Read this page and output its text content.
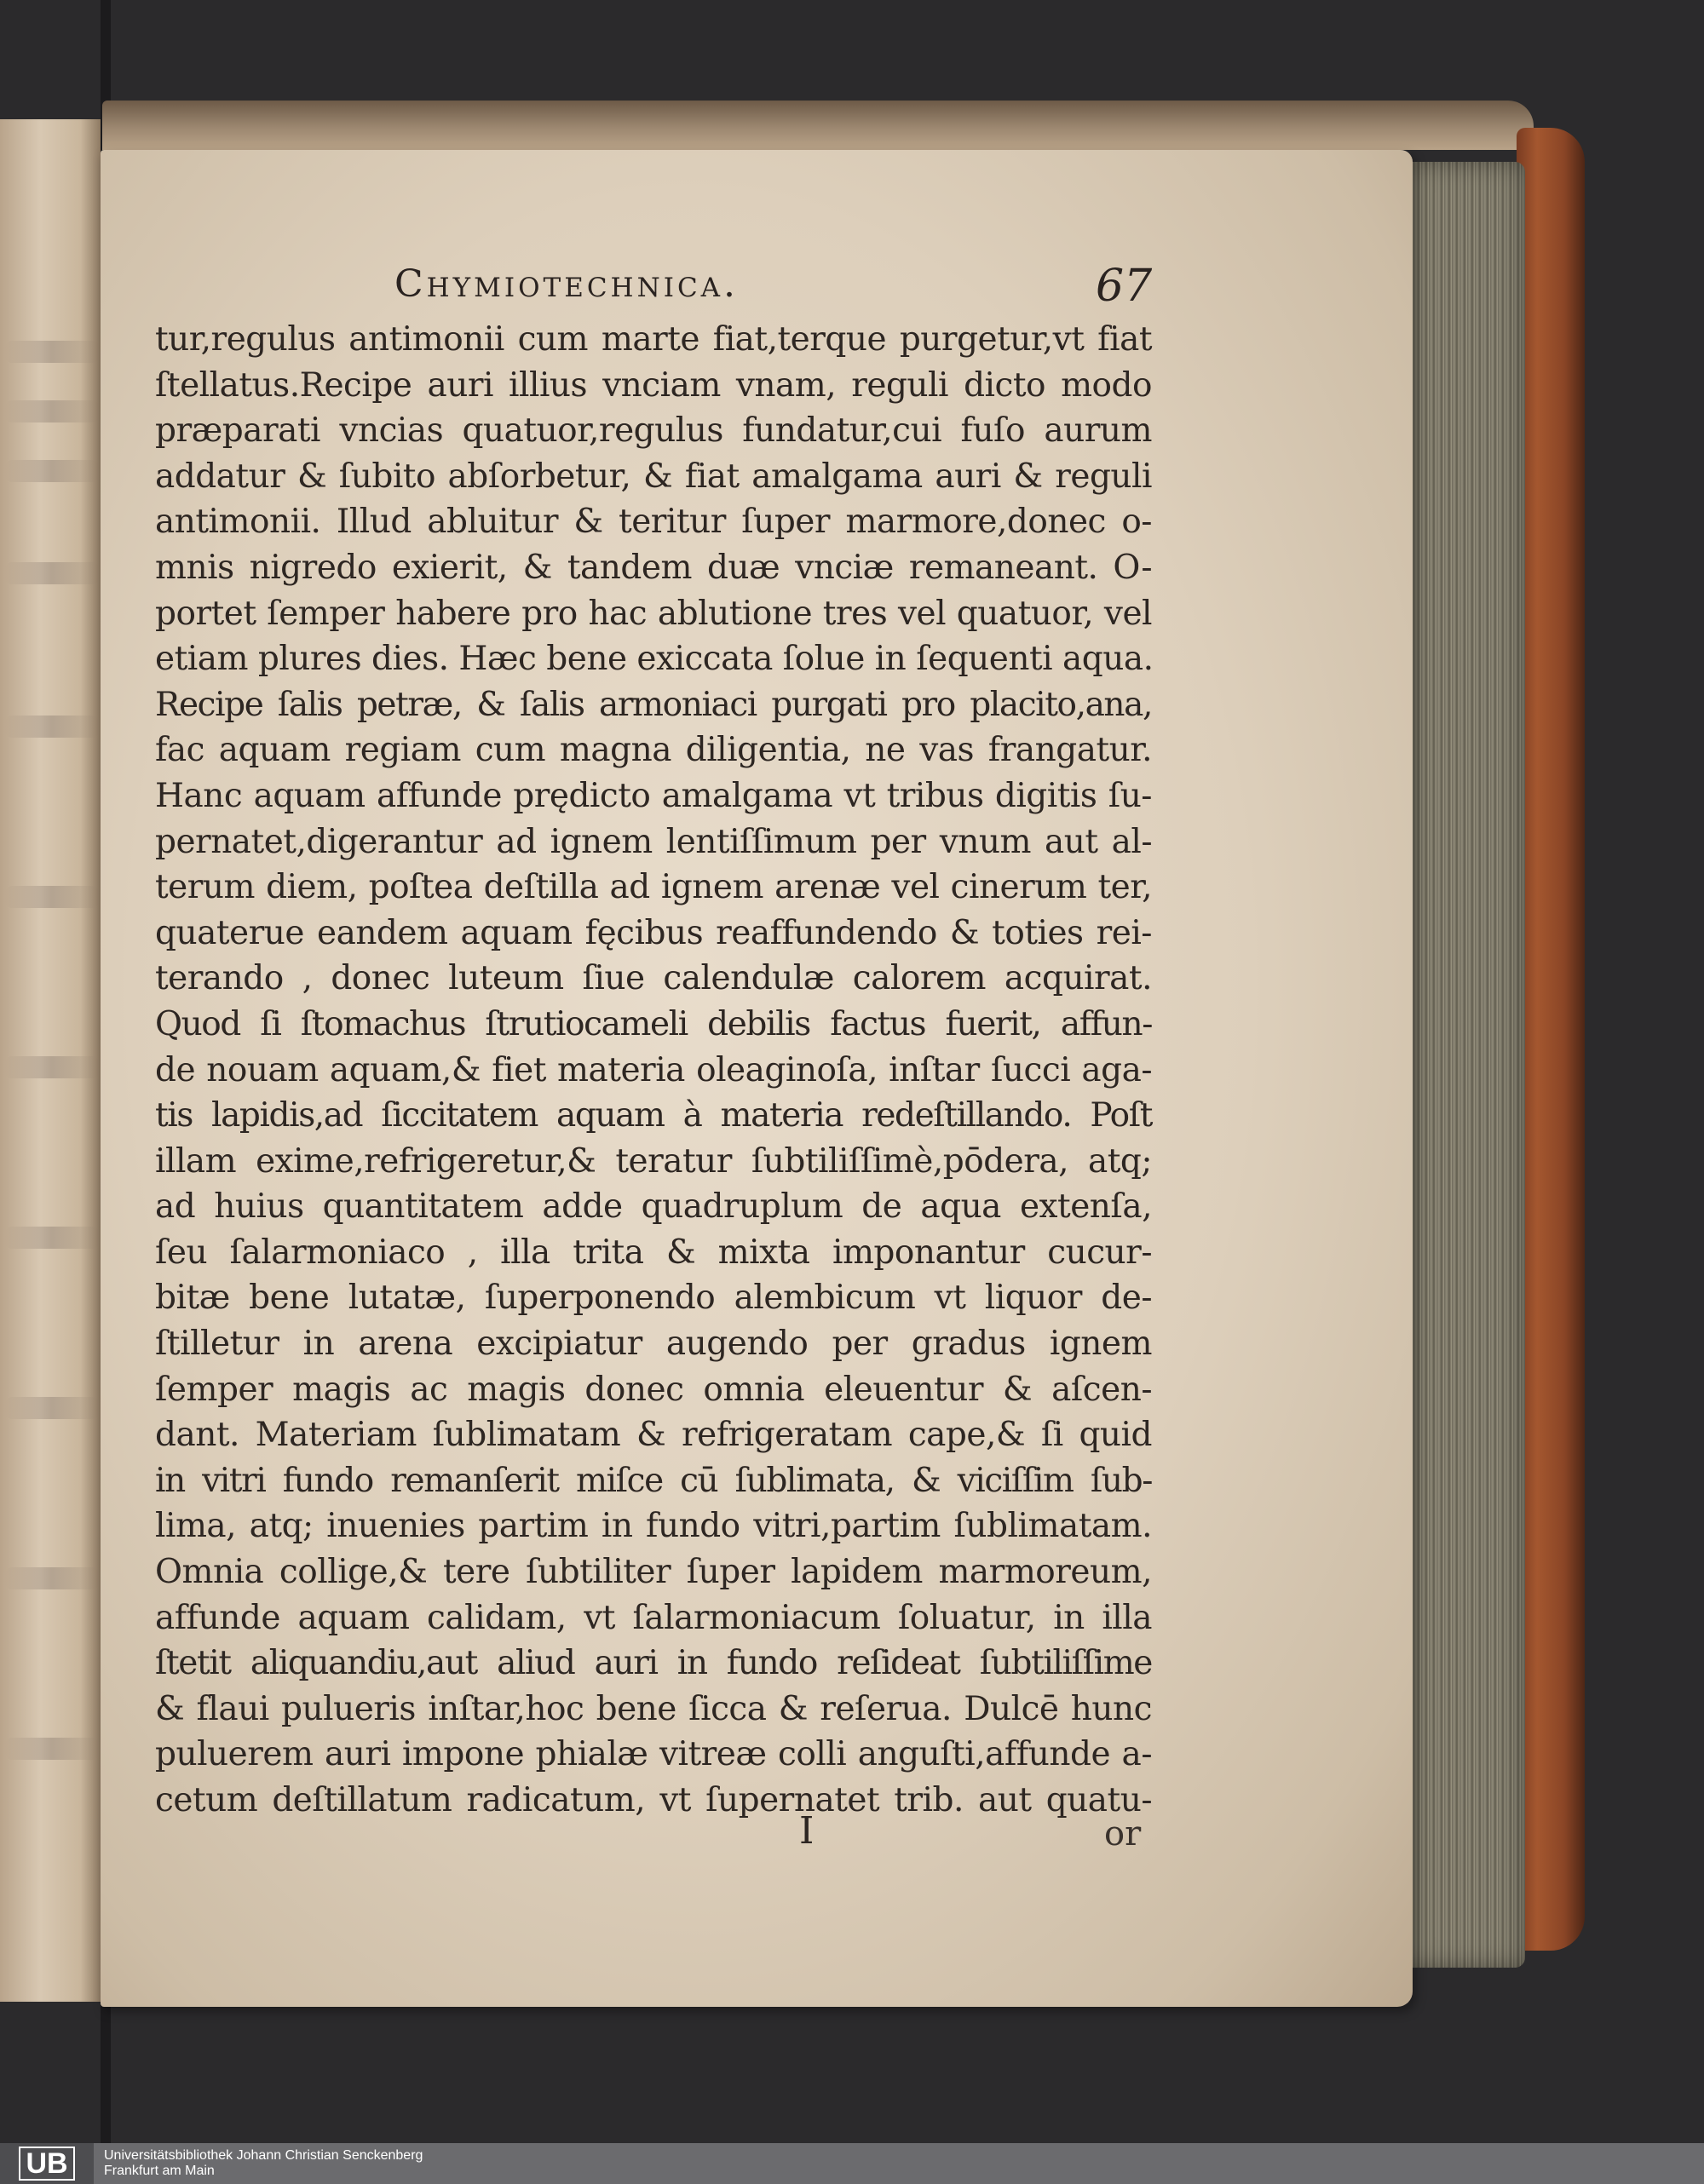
Chymiotechnica.	67
tur,regulus antimonii cum marte fiat,terque purgetur,vt fiat
ſtellatus.Recipe auri illius vnciam vnam, reguli dicto modo
præparati vncias quatuor,regulus fundatur,cui fuſo aurum
addatur & ſubito abſorbetur, & fiat amalgama auri & reguli
antimonii. Illud abluitur & teritur ſuper marmore,donec o-
mnis nigredo exierit, & tandem duæ vnciæ remaneant. O-
portet ſemper habere pro hac ablutione tres vel quatuor, vel
etiam plures dies. Hæc bene exiccata ſolue in ſequenti aqua.
Recipe ſalis petræ, & ſalis armoniaci purgati pro placito,ana,
fac aquam regiam cum magna diligentia, ne vas frangatur.
Hanc aquam affunde prędicto amalgama vt tribus digitis ſu-
pernatet,digerantur ad ignem lentiſſimum per vnum aut al-
terum diem, poſtea deſtilla ad ignem arenæ vel cinerum ter,
quaterue eandem aquam fęcibus reaffundendo & toties rei-
terando , donec luteum ſiue calendulæ calorem acquirat.
Quod ſi ſtomachus ſtrutiocameli debilis factus fuerit, affun-
de nouam aquam,& fiet materia oleaginoſa, inſtar ſucci aga-
tis lapidis,ad ſiccitatem aquam à materia redeſtillando. Poſt
illam exime,refrigeretur,& teratur ſubtiliſſimè,pōdera, atq;
ad huius quantitatem adde quadruplum de aqua extenſa,
ſeu ſalarmoniaco , illa trita & mixta imponantur cucur-
bitæ bene lutatæ, ſuperponendo alembicum vt liquor de-
ſtilletur in arena excipiatur augendo per gradus ignem
ſemper magis ac magis donec omnia eleuentur & aſcen-
dant. Materiam ſublimatam & refrigeratam cape,& ſi quid
in vitri fundo remanſerit miſce cū ſublimata, & viciſſim ſub-
lima, atq; inuenies partim in fundo vitri,partim ſublimatam.
Omnia collige,& tere ſubtiliter ſuper lapidem marmoreum,
affunde aquam calidam, vt ſalarmoniacum ſoluatur, in illa
ſtetit aliquandiu,aut aliud auri in fundo reſideat ſubtiliſſime
& flaui pulueris inſtar,hoc bene ſicca & reſerua. Dulcē hunc
puluerem auri impone phialæ vitreæ colli anguſti,affunde a-
cetum deſtillatum radicatum, vt ſupernatet trib. aut quatu-
I	or
UB	Universitätsbibliothek Johann Christian Senckenberg
Frankfurt am Main
